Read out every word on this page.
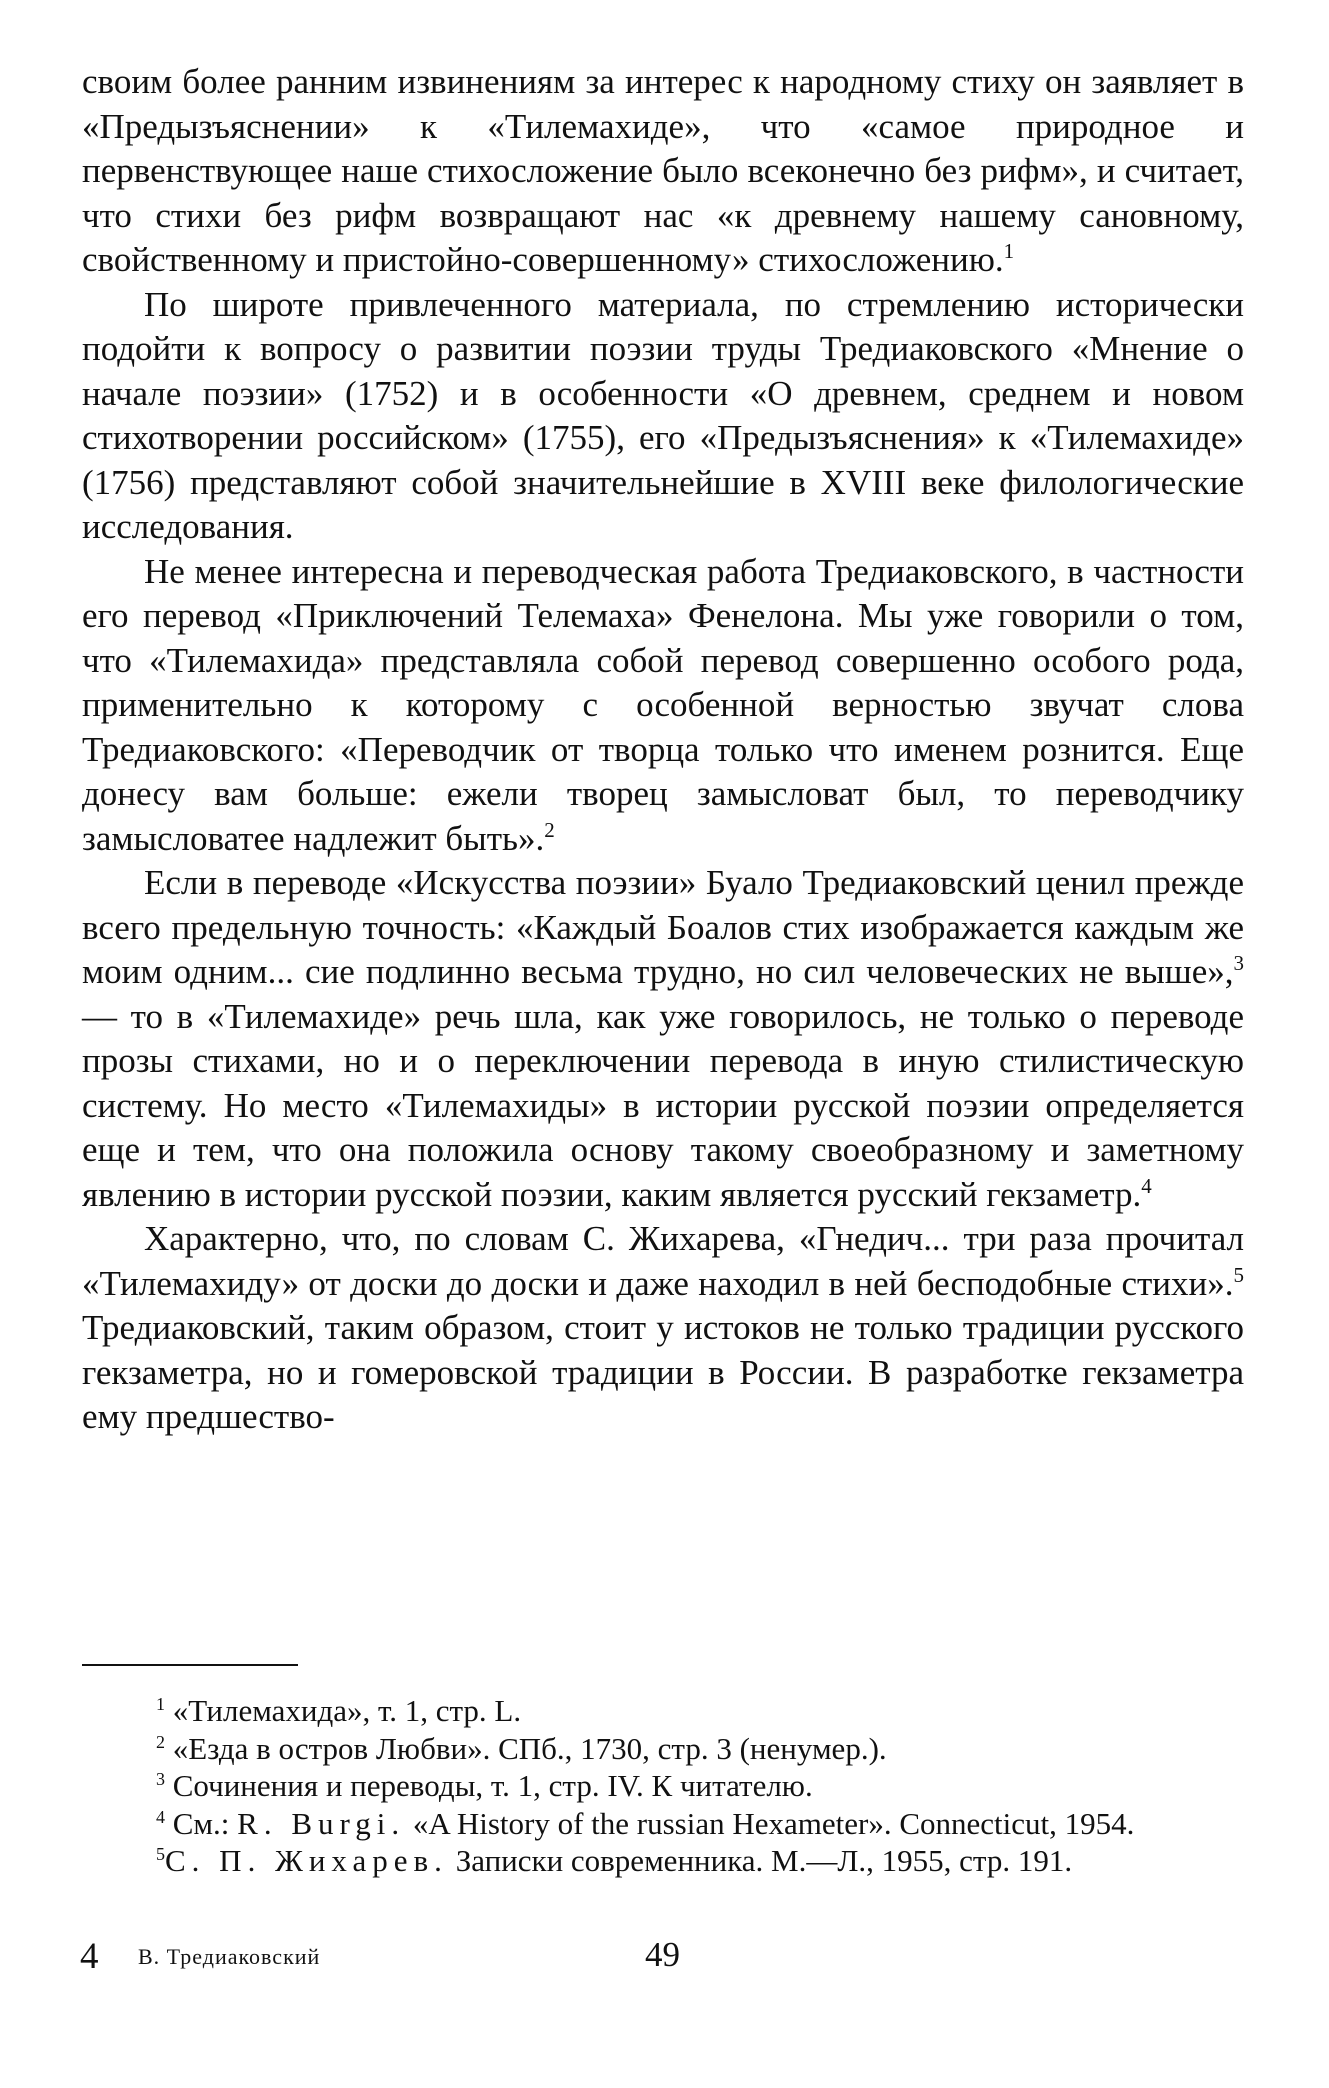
своим более ранним извинениям за интерес к народному стиху он заявляет в «Предызъяснении» к «Тилемахиде», что «самое природное и первенствующее наше стихосложение было всеконечно без рифм», и считает, что стихи без рифм возвращают нас «к древнему нашему сановному, свойственному и пристойно-совершенному» стихосложению.$^1$

По широте привлеченного материала, по стремлению исторически подойти к вопросу о развитии поэзии труды Тредиаковского «Мнение о начале поэзии» (1752) и в особенности «О древнем, среднем и новом стихотворении российском» (1755), его «Предызъяснения» к «Тилемахиде» (1756) представляют собой значительнейшие в XVIII веке филологические исследования.

Не менее интересна и переводческая работа Тредиаковского, в частности его перевод «Приключений Телемаха» Фенелона. Мы уже говорили о том, что «Тилемахида» представляла собой перевод совершенно особого рода, применительно к которому с особенной верностью звучат слова Тредиаковского: «Переводчик от творца только что именем рознится. Еще донесу вам больше: ежели творец замысловат был, то переводчику замысловатее надлежит быть».$^2$

Если в переводе «Искусства поэзии» Буало Тредиаковский ценил прежде всего предельную точность: «Каждый Боалов стих изображается каждым же моим одним... сие подлинно весьма трудно, но сил человеческих не выше»,$^3$ — то в «Тилемахиде» речь шла, как уже говорилось, не только о переводе прозы стихами, но и о переключении перевода в иную стилистическую систему. Но место «Тилемахиды» в истории русской поэзии определяется еще и тем, что она положила основу такому своеобразному и заметному явлению в истории русской поэзии, каким является русский гекзаметр.$^4$

Характерно, что, по словам С. Жихарева, «Гнедич... три раза прочитал «Тилемахиду» от доски до доски и даже находил в ней бесподобные стихи».$^5$ Тредиаковский, таким образом, стоит у истоков не только традиции русского гекзаметра, но и гомеровской традиции в России. В разработке гекзаметра ему предшество-

$^1$ «Тилемахида», т. 1, стр. L.

$^2$ «Езда в остров Любви». СПб., 1730, стр. 3 (ненумер.).

$^3$ Сочинения и переводы, т. 1, стр. IV. К читателю.

$^4$ См.: R. Burgi. «A History of the russian Hexameter». Connecticut, 1954.

$^5$С. П. Жихарев. Записки современника. М.—Л., 1955, стр. 191.

4 В. Тредиаковский	49
